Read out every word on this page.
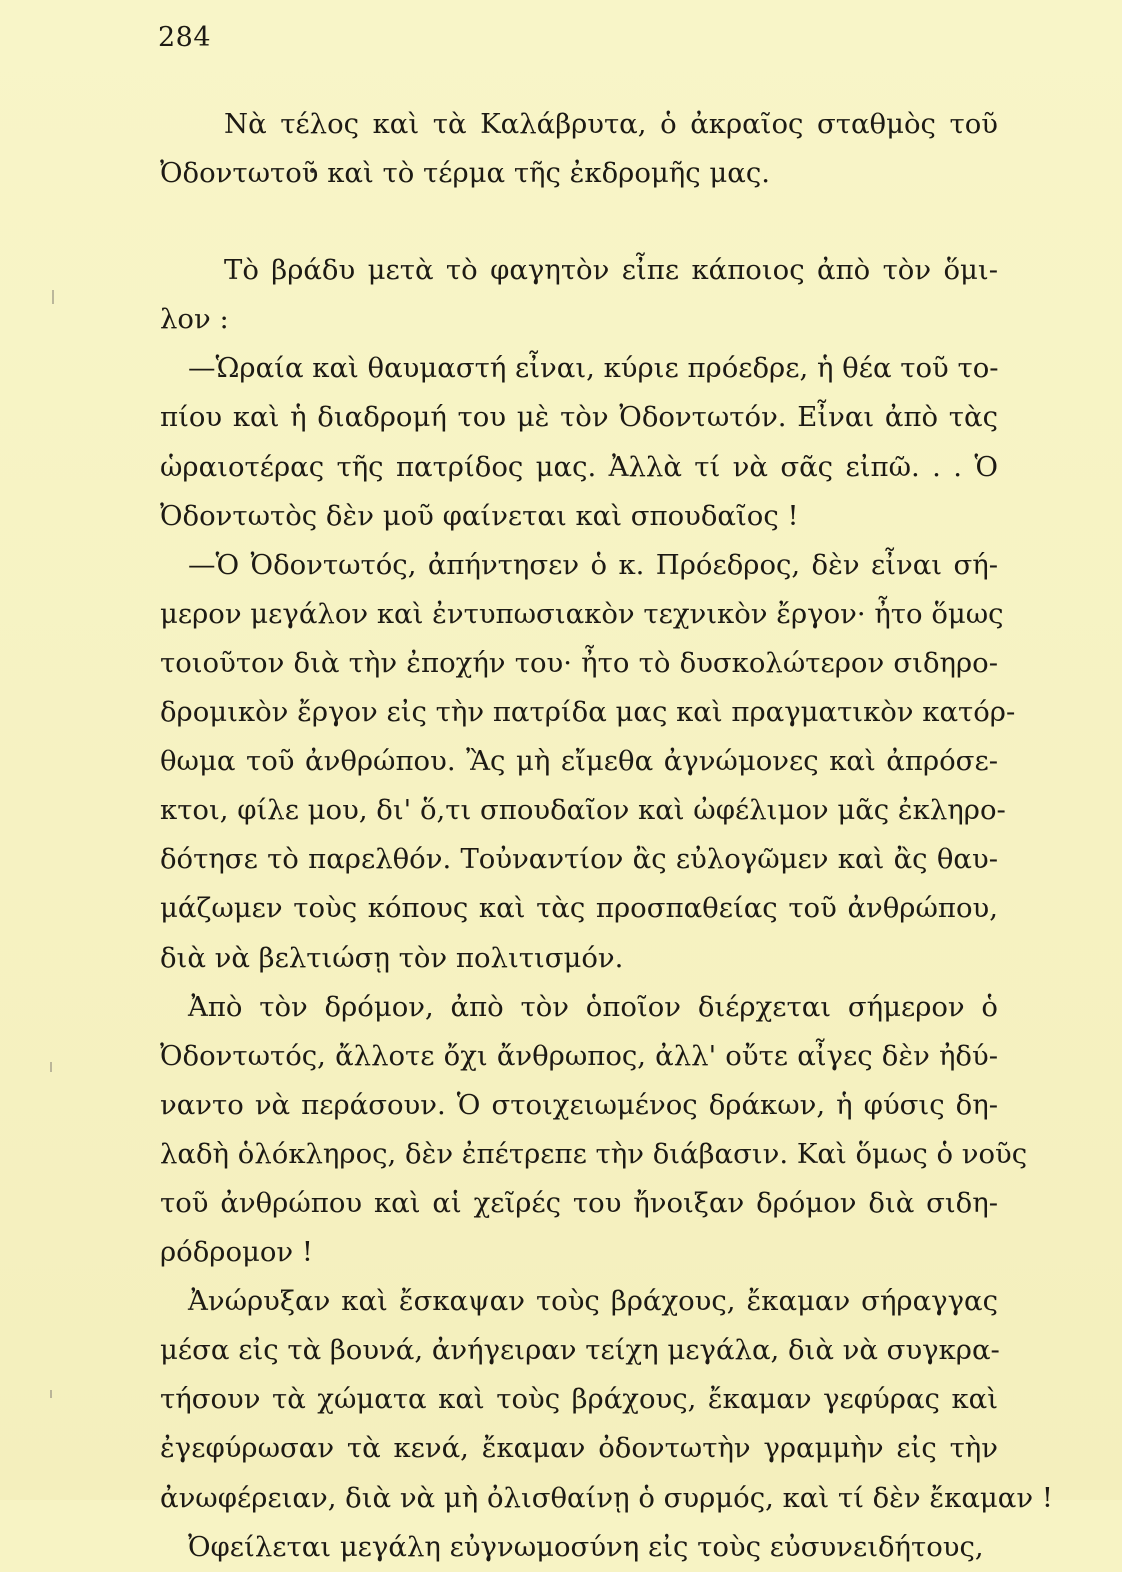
284
Νὰ τέλος καὶ τὰ Καλάβρυτα, ὁ ἀκραῖος σταθμὸς τοῦ
Ὀδοντωτοῦ καὶ τὸ τέρμα τῆς ἐκδρομῆς μας.
Τὸ βράδυ μετὰ τὸ φαγητὸν εἶπε κάποιος ἀπὸ τὸν ὅμι-
λον :
—Ὡραία καὶ θαυμαστή εἶναι, κύριε πρόεδρε, ἡ θέα τοῦ το-
πίου καὶ ἡ διαδρομή του μὲ τὸν Ὀδοντωτόν. Εἶναι ἀπὸ τὰς
ὡραιοτέρας τῆς πατρίδος μας. Ἀλλὰ τί νὰ σᾶς εἰπῶ. . . Ὁ
Ὀδοντωτὸς δὲν μοῦ φαίνεται καὶ σπουδαῖος !
—Ὁ Ὀδοντωτός, ἀπήντησεν ὁ κ. Πρόεδρος, δὲν εἶναι σή-
μερον μεγάλον καὶ ἐντυπωσιακὸν τεχνικὸν ἔργον· ἦτο ὅμως
τοιοῦτον διὰ τὴν ἐποχήν του· ἦτο τὸ δυσκολώτερον σιδηρο-
δρομικὸν ἔργον εἰς τὴν πατρίδα μας καὶ πραγματικὸν κατόρ-
θωμα τοῦ ἀνθρώπου. Ἂς μὴ εἴμεθα ἀγνώμονες καὶ ἀπρόσε-
κτοι, φίλε μου, δι' ὅ,τι σπουδαῖον καὶ ὠφέλιμον μᾶς ἐκληρο-
δότησε τὸ παρελθόν. Τοὐναντίον ἂς εὐλογῶμεν καὶ ἂς θαυ-
μάζωμεν τοὺς κόπους καὶ τὰς προσπαθείας τοῦ ἀνθρώπου,
διὰ νὰ βελτιώσῃ τὸν πολιτισμόν.
Ἀπὸ τὸν δρόμον, ἀπὸ τὸν ὁποῖον διέρχεται σήμερον ὁ
Ὀδοντωτός, ἄλλοτε ὄχι ἄνθρωπος, ἀλλ' οὔτε αἶγες δὲν ἠδύ-
ναντο νὰ περάσουν. Ὁ στοιχειωμένος δράκων, ἡ φύσις δη-
λαδὴ ὁλόκληρος, δὲν ἐπέτρεπε τὴν διάβασιν. Καὶ ὅμως ὁ νοῦς
τοῦ ἀνθρώπου καὶ αἱ χεῖρές του ἤνοιξαν δρόμον διὰ σιδη-
ρόδρομον !
Ἀνώρυξαν καὶ ἔσκαψαν τοὺς βράχους, ἔκαμαν σήραγγας
μέσα εἰς τὰ βουνά, ἀνήγειραν τείχη μεγάλα, διὰ νὰ συγκρα-
τήσουν τὰ χώματα καὶ τοὺς βράχους, ἔκαμαν γεφύρας καὶ
ἐγεφύρωσαν τὰ κενά, ἔκαμαν ὀδοντωτὴν γραμμὴν εἰς τὴν
ἀνωφέρειαν, διὰ νὰ μὴ ὀλισθαίνῃ ὁ συρμός, καὶ τί δὲν ἔκαμαν !
Ὀφείλεται μεγάλη εὐγνωμοσύνη εἰς τοὺς εὐσυνειδήτους,
